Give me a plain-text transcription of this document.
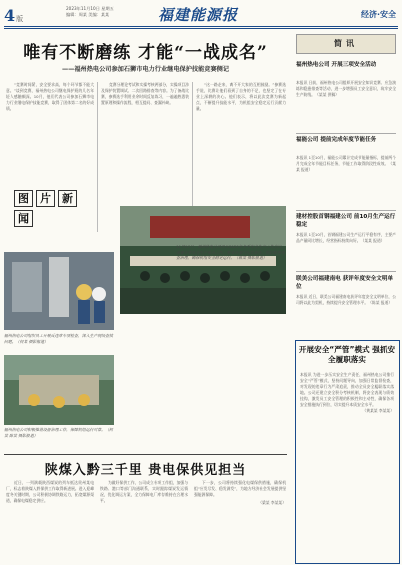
4版
2023年11月10日 星期五
编辑：周某 美编：某某	福建能源报	经济·安全
唯有不断磨练 才能“一战成名”
——福州热电公司参加石狮市电力行业继电保护技能竞赛侧记

“竞赛时间紧，安全要求高，每个环节都不能大意。”谈到竞赛，福州热电公司继电保护班的几名年轻人感触颇深。10月，他们代表公司参加石狮市电力行业继电保护技能竞赛，取得了团体第二名的好成绩。

竞赛分理论考试和实操考核两部分，实操项目涉及保护装置调试、二次回路排查等内容。为了备战比赛，参赛选手利用业余时间反复练习，一遍遍熟悉装置原理和操作流程，相互提问、查漏补缺。

“这一路走来，离不开大家的互相鼓励。”参赛选手说，比赛让他们看到了自身的不足，也坚定了在专业上深耕的决心。他们表示，将以此次竞赛为新起点，不断提升技能水平，为机组安全稳定运行贡献力量。

图 片 新闻
11月17日，福州热电公司召开2023年冬季安全生产工作会议，部署冬季安全生产重点工作，要求各部门压实责任，抓好隐患排查治理，确保机组安全稳定运行。（蒋某 摄影报道）
福州热电公司组织员工开展反违章专项检查，深入生产现场查找问题。（何某 摄影报道）
福州热电公司积极推进设备治理工作，保障机组运行可靠。（何某 陈某 摄影报道）
陕煤入黔三千里 贵电保供见担当

近日，一列满载陕西煤炭的列车抵达贵州某电厂，标志着陕煤入黔保供工作取得新进展。进入迎峰度冬关键时期，公司积极协调铁路运力，拓宽煤源渠道，确保电煤稳定供应。

为做好保供工作，公司成立专项工作组，加强与铁路、港口等部门沟通联系，实时跟踪煤炭发运情况，优化调运方案，全力保障电厂库存维持在合理水平。

下一步，公司将持续强化电煤保供措施，确保机组“应发尽发、稳发满发”，为地方经济社会发展提供坚强能源保障。

（梁某 李某某）

简讯
福州热电公司 开展三项安全活动
本报讯 日前，福州热电公司组织开展安全知识竞赛、应急演练和隐患排查等活动，进一步增强员工安全意识，筑牢安全生产防线。（某某 供稿）
福能公司 提前完成年度节能任务
本报讯 1至10月，福能公司累计完成节能量指标，提前两个月完成全年节能目标任务，节能工作取得阶段性成效。（某某 报道）
建材控股首钢福建公司 前10月生产运行稳定
本报讯 1至10月，首钢福建公司生产运行平稳有序，主要产品产量同比增长，经营指标持续向好。（某某 报道）
联美公司福建南电 获评年度安全文明单位
本报讯 近日，联美公司福建南电获评年度安全文明单位，公司将以此为契机，持续提升安全管理水平。（陈某 报道）
开展安全“严管”模式 强抓安全履职落实
本报讯 为进一步压实安全生产责任，福州热电公司推行安全“严管”模式，坚持问题导向，加强日常监督检查，对发现的违章行为严肃追责，推动全员安全履职落实落地。公司还建立安全积分考核机制，将安全表现与绩效挂钩，激发员工安全管理的积极性和主动性，确保各项安全措施执行到位，切实提升本质安全水平。
（黄某某 李某某）
